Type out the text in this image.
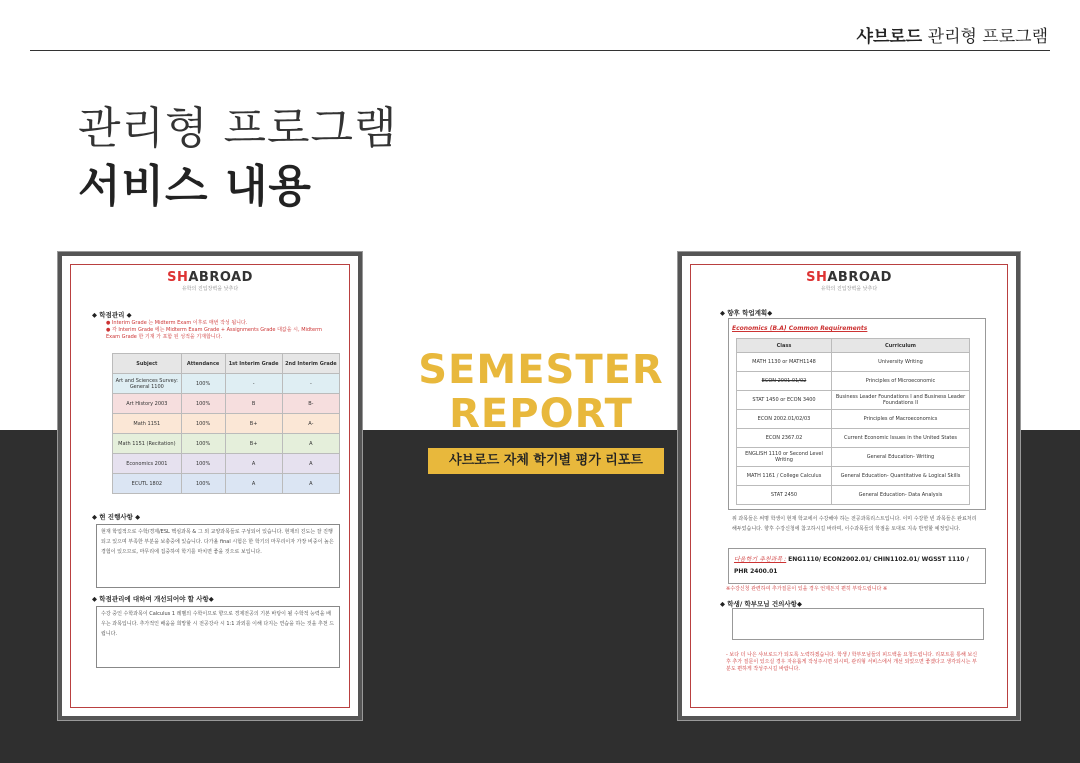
샤브로드 관리형 프로그램
관리형 프로그램
서비스 내용
SHABROAD
유학의 진입장벽을 낮추다
◆ 학점관리 ◆
● Interim Grade 는 Midterm Exam 이후로 매번 작성 됩니다.
● 각 Interim Grade 에는 Midterm Exam Grade + Assignments Grade 대값을 시, Midterm Exam Grade 한 기재 가 포함 된 성적을 기재합니다.
Subject	Attendance	1st Interim Grade	2nd Interim Grade
Art and Sciences Survey: General 1100	100%	-	-
Art History 2003	100%	B	B-
Math 1151	100%	B+	A-
Math 1151 (Recitation)	100%	B+	A
Economics 2001	100%	A	A
ECUTL 1802	100%	A	A
◆ 현 진행사항 ◆
현재 학업적으로 수학/경제/ESL 핵심과목 & 그 외 교양과목들로 구성되어 있습니다. 현재의 진도는 잘 진행되고 있으며 부족한 부분을 보충중에 있습니다. 다가올 final 시험은 한 학기의 마무리이자 가장 비중이 높은 경험이 있으므로, 마무리에 집중하여 학기를 마치면 좋을 것으로 보입니다.
◆ 학점관리에 대하여 개선되어야 할 사항◆
수강 중인 수학과목이 Calculus 1 레벨의 수학이므로 향으로 경제전공의 기본 바탕이 될 수학적 능력을 배우는 과목입니다. 추가적인 배움을 희망할 시 전공강사 시 1:1 과외를 이해 다지는 연습을 하는 것을 추천 드립니다.
SHABROAD
유학의 진입장벽을 낮추다
◆ 향후 학업계획◆
Economics (B.A) Common Requirements
Class	Curriculum
MATH 1130 or MATH1148	University Writing
ECON 2001.01/02	Principles of Microeconomic
STAT 1450 or ECON 3400	Business Leader Foundations I and Business Leader Foundations II
ECON 2002.01/02/03	Principles of Macroeconomics
ECON 2367.02	Current Economic Issues in the United States
ENGLISH 1110 or Second Level Writing	General Education- Writing
MATH 1161 / College Calculus	General Education- Quantitative & Logical Skills
STAT 2450	General Education- Data Analysis
위 과목들은 써명 학생이 현재 학교에서 수강해야 하는 전공과목리스트입니다. 이미 수강한 빈 과목들은 완료처리 해두었습니다. 향후 수강신청에 참고하시길 바라며, 이수과목들의 학점을 토대로 지속 반영할 예정입니다.
다음학기 추천과목 : ENG1110/ ECON2002.01/ CHIN1102.01/ WGSST 1110 / PHR 2400.01
※수강신청 관련하여 추가질문이 있을 경우 언제든지 편히 부탁드립니다 ※
◆ 학생/ 학부모님 건의사항◆
- 보다 더 나은 샤브로드가 되도록 노력하겠습니다. 학생 / 학부모님들의 피드백을 요청드립니다. 리포트를 통해 보신 후 추가 질문이 있으실 경우 자유롭게 작성주시면 되시며, 관리형 서비스에서 개선 되었으면 좋겠다고 생각되시는 부분도 편하게 작성주시길 바랍니다.
SEMESTER
REPORT
샤브로드 자체 학기별 평가 리포트
